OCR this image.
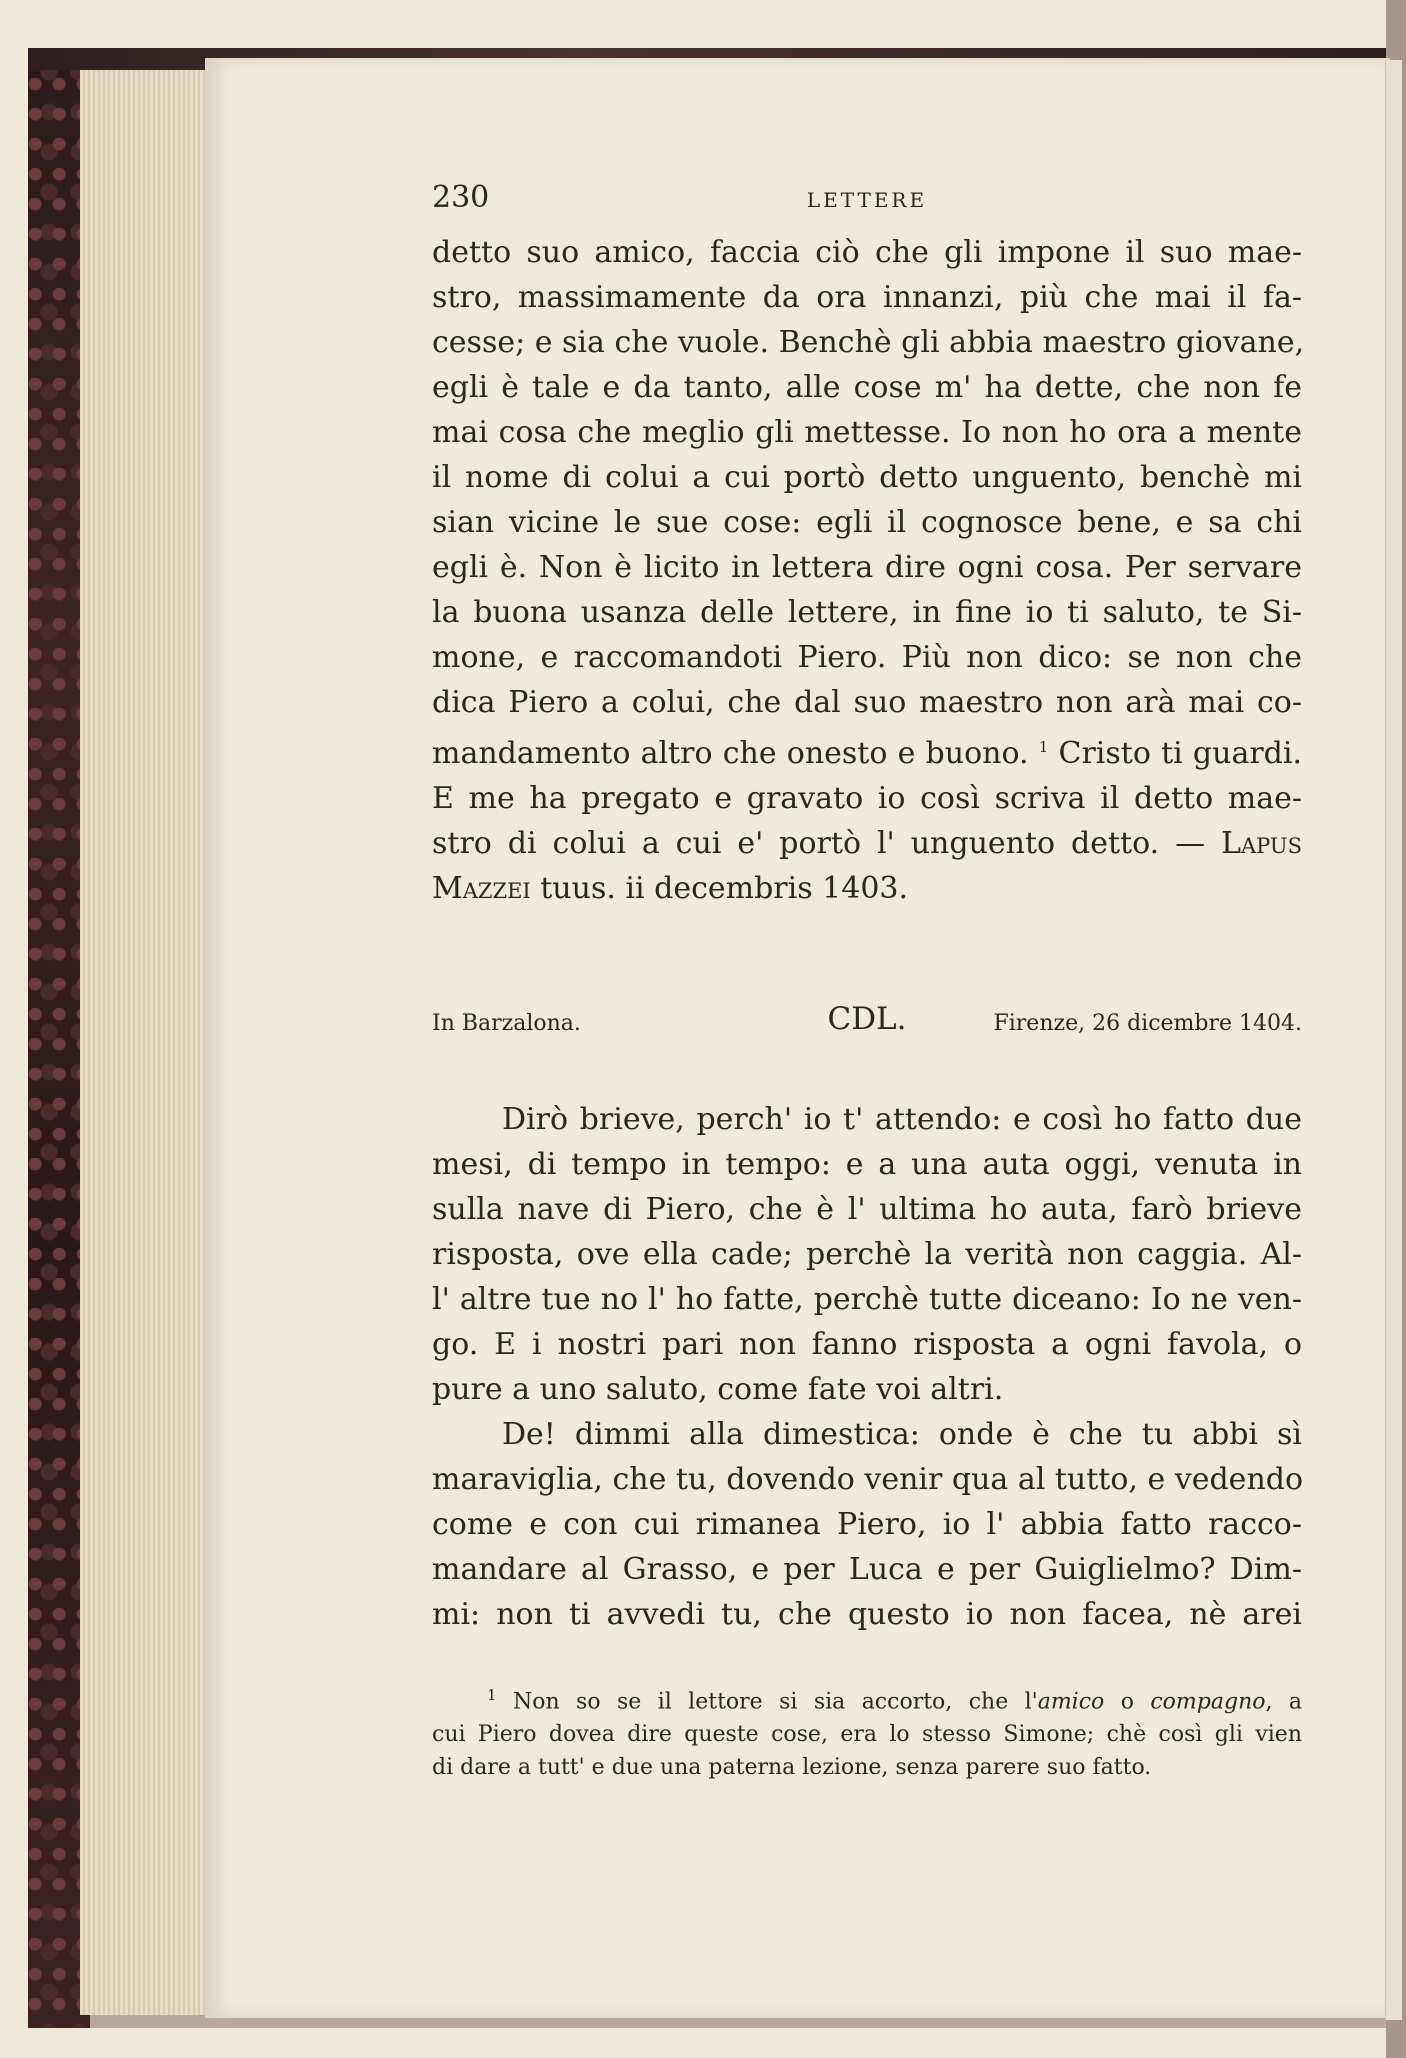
230	LETTERE
detto suo amico, faccia ciò che gli impone il suo mae-
stro, massimamente da ora innanzi, più che mai il fa-
cesse; e sia che vuole. Benchè gli abbia maestro giovane,
egli è tale e da tanto, alle cose m' ha dette, che non fe
mai cosa che meglio gli mettesse. Io non ho ora a mente
il nome di colui a cui portò detto unguento, benchè mi
sian vicine le sue cose: egli il cognosce bene, e sa chi
egli è. Non è licito in lettera dire ogni cosa. Per servare
la buona usanza delle lettere, in fine io ti saluto, te Si-
mone, e raccomandoti Piero. Più non dico: se non che
dica Piero a colui, che dal suo maestro non arà mai co-
mandamento altro che onesto e buono. $^1$ Cristo ti guardi.
E me ha pregato e gravato io così scriva il detto mae-
stro di colui a cui e' portò l' unguento detto. — Lapus
Mazzei tuus. ii decembris 1403.
In Barzalona.	CDL.	Firenze, 26 dicembre 1404.
Dirò brieve, perch' io t' attendo: e così ho fatto due
mesi, di tempo in tempo: e a una auta oggi, venuta in
sulla nave di Piero, che è l' ultima ho auta, farò brieve
risposta, ove ella cade; perchè la verità non caggia. Al-
l' altre tue no l' ho fatte, perchè tutte diceano: Io ne ven-
go. E i nostri pari non fanno risposta a ogni favola, o
pure a uno saluto, come fate voi altri.
De! dimmi alla dimestica: onde è che tu abbi sì
maraviglia, che tu, dovendo venir qua al tutto, e vedendo
come e con cui rimanea Piero, io l' abbia fatto racco-
mandare al Grasso, e per Luca e per Guiglielmo? Dim-
mi: non ti avvedi tu, che questo io non facea, nè arei
$^1$ Non so se il lettore si sia accorto, che l'amico o compagno, a
cui Piero dovea dire queste cose, era lo stesso Simone; chè così gli vien
di dare a tutt' e due una paterna lezione, senza parere suo fatto.
